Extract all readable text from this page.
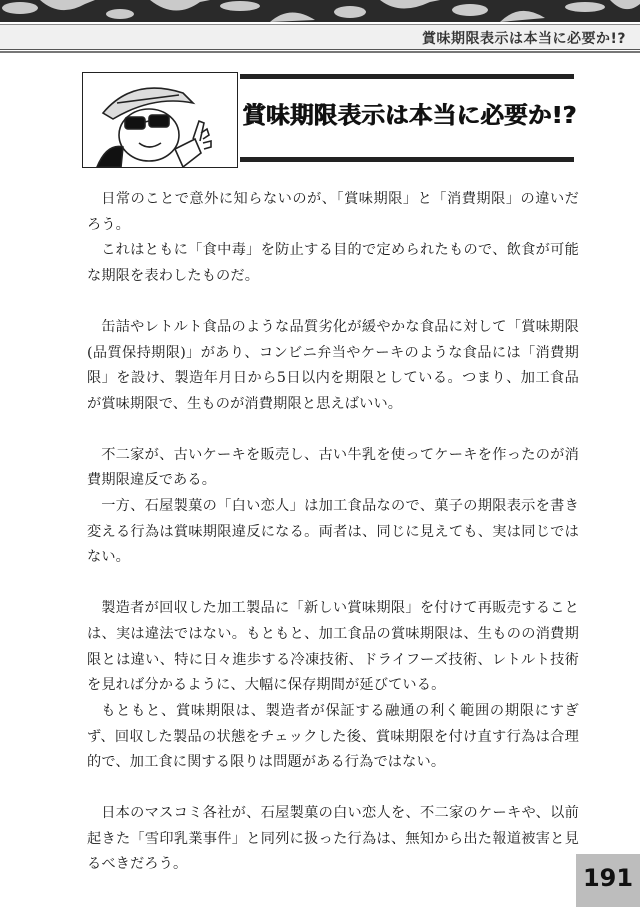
賞味期限表示は本当に必要か!?
賞味期限表示は本当に必要か!?

日常のことで意外に知らないのが、「賞味期限」と「消費期限」の違いだろう。

これはともに「食中毒」を防止する目的で定められたもので、飲食が可能な期限を表わしたものだ。

缶詰やレトルト食品のような品質劣化が緩やかな食品に対して「賞味期限(品質保持期限)」があり、コンビニ弁当やケーキのような食品には「消費期限」を設け、製造年月日から5日以内を期限としている。つまり、加工食品が賞味期限で、生ものが消費期限と思えばいい。

不二家が、古いケーキを販売し、古い牛乳を使ってケーキを作ったのが消費期限違反である。

一方、石屋製菓の「白い恋人」は加工食品なので、菓子の期限表示を書き変える行為は賞味期限違反になる。両者は、同じに見えても、実は同じではない。

製造者が回収した加工製品に「新しい賞味期限」を付けて再販売することは、実は違法ではない。もともと、加工食品の賞味期限は、生ものの消費期限とは違い、特に日々進歩する冷凍技術、ドライフーズ技術、レトルト技術を見れば分かるように、大幅に保存期間が延びている。

もともと、賞味期限は、製造者が保証する融通の利く範囲の期限にすぎず、回収した製品の状態をチェックした後、賞味期限を付け直す行為は合理的で、加工食に関する限りは問題がある行為ではない。

日本のマスコミ各社が、石屋製菓の白い恋人を、不二家のケーキや、以前起きた「雪印乳業事件」と同列に扱った行為は、無知から出た報道被害と見るべきだろう。	191
